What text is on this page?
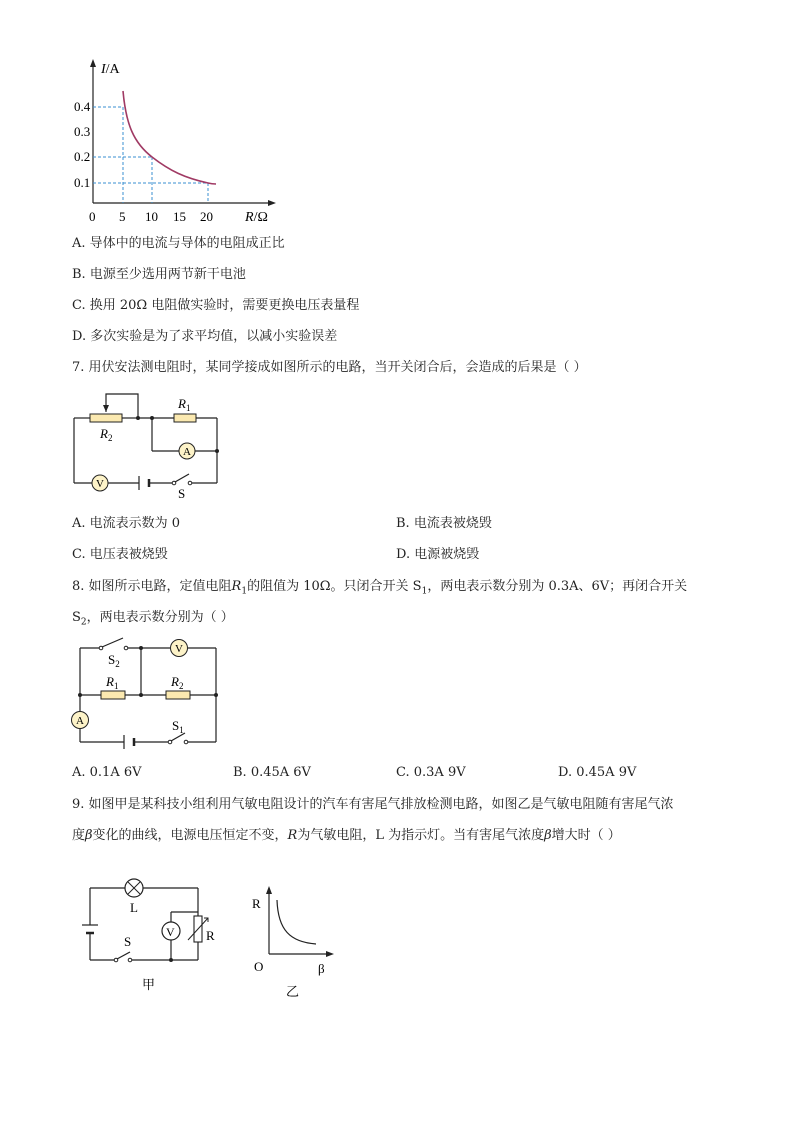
I/A
0.4
0.3
0.2
0.1
0 5 10 15 20 R/Ω
A. 导体中的电流与导体的电阻成正比
B. 电源至少选用两节新干电池
C. 换用 20Ω 电阻做实验时，需要更换电压表量程
D. 多次实验是为了求平均值，以减小实验误差
7. 用伏安法测电阻时，某同学接成如图所示的电路，当开关闭合后，会造成的后果是（ ）
A
V
$R_2$
$R_1$
S
A. 电流表示数为 0	B. 电流表被烧毁
C. 电压表被烧毁	D. 电源被烧毁
8. 如图所示电路，定值电阻$R_1$的阻值为 10Ω。只闭合开关 $S_1$，两电表示数分别为 0.3A、6V；再闭合开关
$S_2$，两电表示数分别为（ ）
V
A
$S_2$
$R_1$	$R_2$
$S_1$
A. 0.1A 6V	B. 0.45A 6V	C. 0.3A 9V	D. 0.45A 9V
9. 如图甲是某科技小组利用气敏电阻设计的汽车有害尾气排放检测电路，如图乙是气敏电阻随有害尾气浓
度β变化的曲线，电源电压恒定不变，R为气敏电阻，L 为指示灯。当有害尾气浓度β增大时（ ）
V
L
R
S
甲
R
O	β
乙
